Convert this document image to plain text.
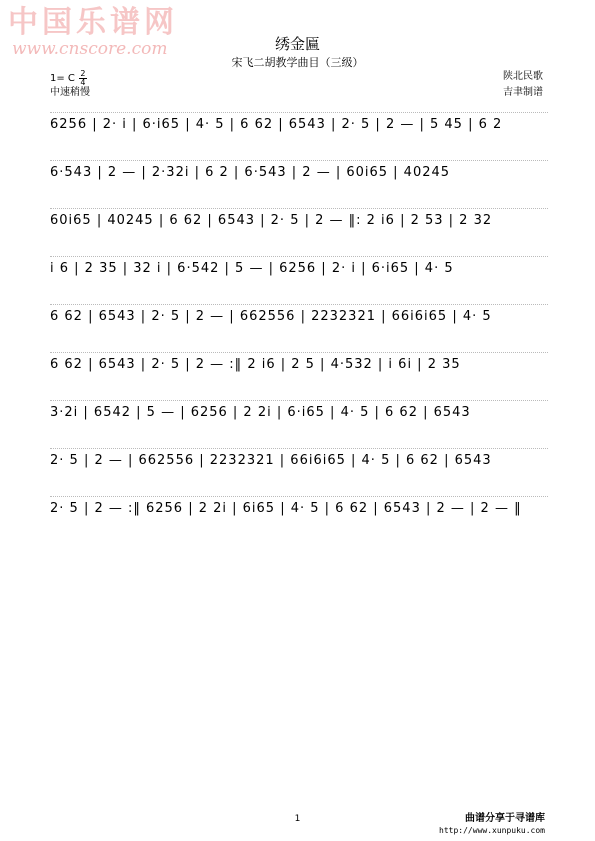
中国乐谱网
www.cnscore.com	绣金匾
宋飞二胡教学曲目（三级）
1= C 2
4
中速稍慢
陕北民歌
吉聿制谱
6256 | 2· i | 6·i65 | 4· 5 | 6 62 | 6543 | 2· 5 | 2 — | 5 45 | 6 2
6·543 | 2 — | 2·32i | 6 2 | 6·543 | 2 — | 60i65 | 40245
60i65 | 40245 | 6 62 | 6543 | 2· 5 | 2 — ‖: 2 i6 | 2 53 | 2 32
i 6 | 2 35 | 32 i | 6·542 | 5 — | 6256 | 2· i | 6·i65 | 4· 5
6 62 | 6543 | 2· 5 | 2 — | 662556 | 2232321 | 66i6i65 | 4· 5
6 62 | 6543 | 2· 5 | 2 — :‖ 2 i6 | 2 5 | 4·532 | i 6i | 2 35
3·2i | 6542 | 5 — | 6256 | 2 2i | 6·i65 | 4· 5 | 6 62 | 6543
2· 5 | 2 — | 662556 | 2232321 | 66i6i65 | 4· 5 | 6 62 | 6543
2· 5 | 2 — :‖ 6256 | 2 2i | 6i65 | 4· 5 | 6 62 | 6543 | 2 — | 2 — ‖
1	曲谱分享于寻谱库
http://www.xunpuku.com
